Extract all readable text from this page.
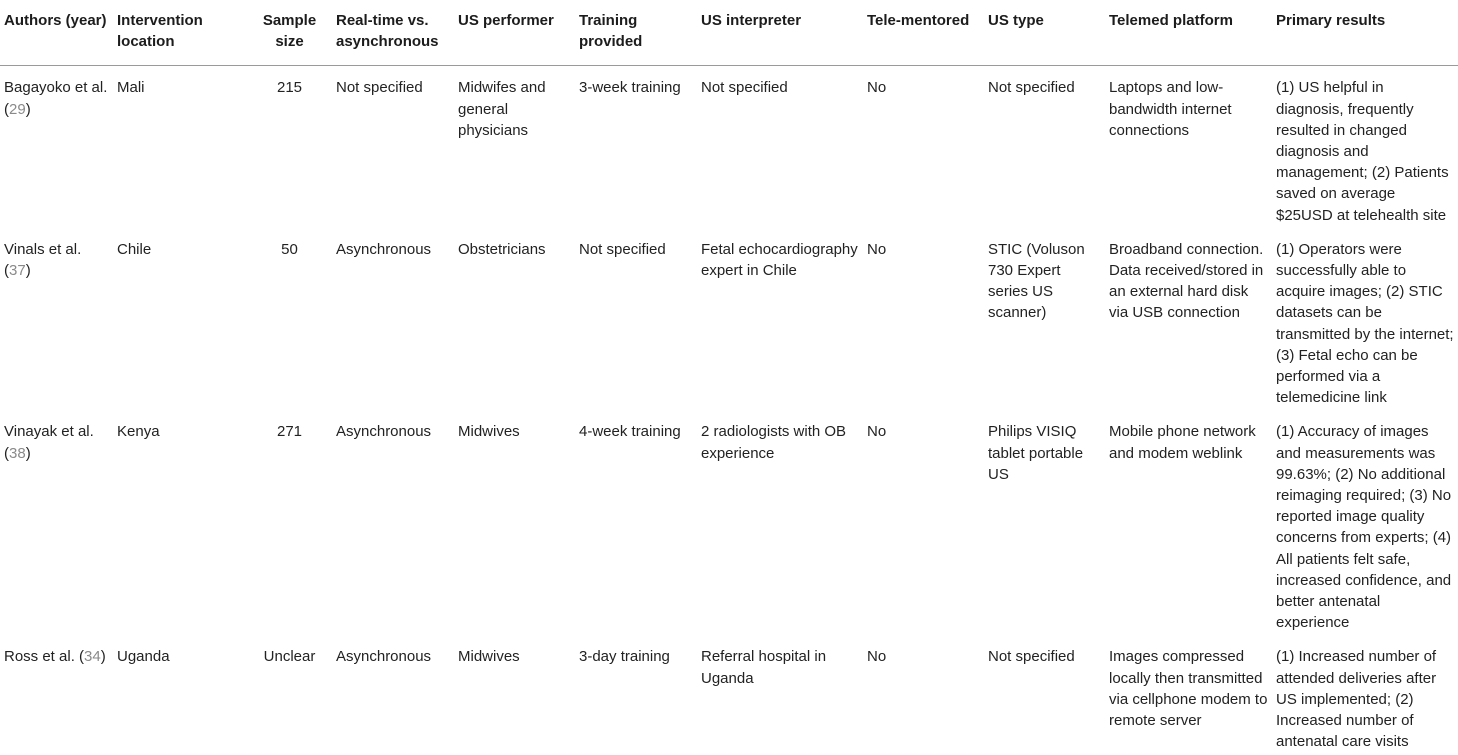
Authors (year)	Intervention location	Sample size	Real-time vs. asynchronous	US performer	Training provided	US interpreter	Tele-mentored	US type	Telemed platform	Primary results
Bagayoko et al. (29)	Mali	215	Not specified	Midwifes and general physicians	3-week training	Not specified	No	Not specified	Laptops and low-bandwidth internet connections	(1) US helpful in diagnosis, frequently resulted in changed diagnosis and management; (2) Patients saved on average $25USD at telehealth site
Vinals et al. (37)	Chile	50	Asynchronous	Obstetricians	Not specified	Fetal echocardiography expert in Chile	No	STIC (Voluson 730 Expert series US scanner)	Broadband connection. Data received/stored in an external hard disk via USB connection	(1) Operators were successfully able to acquire images; (2) STIC datasets can be transmitted by the internet; (3) Fetal echo can be performed via a telemedicine link
Vinayak et al. (38)	Kenya	271	Asynchronous	Midwives	4-week training	2 radiologists with OB experience	No	Philips VISIQ tablet portable US	Mobile phone network and modem weblink	(1) Accuracy of images and measurements was 99.63%; (2) No additional reimaging required; (3) No reported image quality concerns from experts; (4) All patients felt safe, increased confidence, and better antenatal experience
Ross et al. (34)	Uganda	Unclear	Asynchronous	Midwives	3-day training	Referral hospital in Uganda	No	Not specified	Images compressed locally then transmitted via cellphone modem to remote server	(1) Increased number of attended deliveries after US implemented; (2) Increased number of antenatal care visits
